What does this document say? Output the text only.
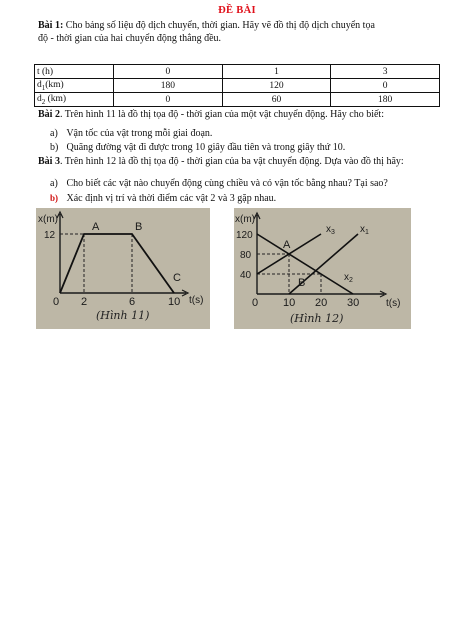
ĐỀ BÀI
Bài 1: Cho bảng số liệu độ dịch chuyển, thời gian. Hãy vẽ đồ thị độ dịch chuyển tọa
độ - thời gian của hai chuyển động thẳng đều.
t (h)	0	1	3
$d_1(km)$	180	120	0
$d_2$ (km)	0	60	180
Bài 2. Trên hình 11 là đồ thị tọa độ - thời gian của một vật chuyển động. Hãy cho biết:
a) Vận tốc của vật trong mỗi giai đoạn.
b) Quãng đường vật đi được trong 10 giây đầu tiên và trong giây thứ 10.
Bài 3. Trên hình 12 là đồ thị tọa độ - thời gian của ba vật chuyển động. Dựa vào đồ thị hãy:
a) Cho biết các vật nào chuyển động cùng chiều và có vận tốc bằng nhau? Tại sao?
b) Xác định vị trí và thời điểm các vật 2 và 3 gặp nhau.
x(m)
12
A	B
C
0 2	6	10 t(s)
(Hình 11)
x(m)
120
80
40
A
B
$x_3$	$x_1$
$x_2$
0 10 20 30	t(s)
(Hình 12)
